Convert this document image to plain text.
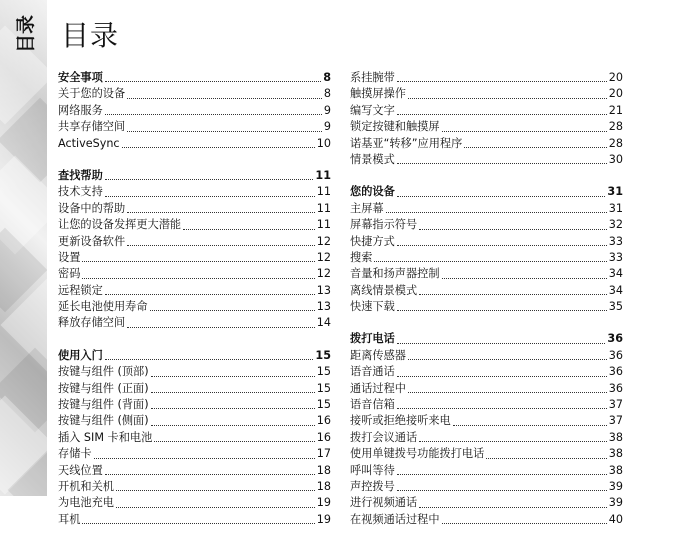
目录 目录
安全事项	8
关于您的设备	8
网络服务	9
共享存储空间	9
ActiveSync	10
查找帮助	11
技术支持	11
设备中的帮助	11
让您的设备发挥更大潜能	11
更新设备软件	12
设置	12
密码	12
远程锁定	13
延长电池使用寿命	13
释放存储空间	14
使用入门	15
按键与组件 (顶部)	15
按键与组件 (正面)	15
按键与组件 (背面)	15
按键与组件 (侧面)	16
插入 SIM 卡和电池	16
存储卡	17
天线位置	18
开机和关机	18
为电池充电	19
耳机	19
系挂腕带	20
触摸屏操作	20
编写文字	21
锁定按键和触摸屏	28
诺基亚“转移”应用程序	28
情景模式	30
您的设备	31
主屏幕	31
屏幕指示符号	32
快捷方式	33
搜索	33
音量和扬声器控制	34
离线情景模式	34
快速下载	35
拨打电话	36
距离传感器	36
语音通话	36
通话过程中	36
语音信箱	37
接听或拒绝接听来电	37
拨打会议通话	38
使用单键拨号功能拨打电话	38
呼叫等待	38
声控拨号	39
进行视频通话	39
在视频通话过程中	40
